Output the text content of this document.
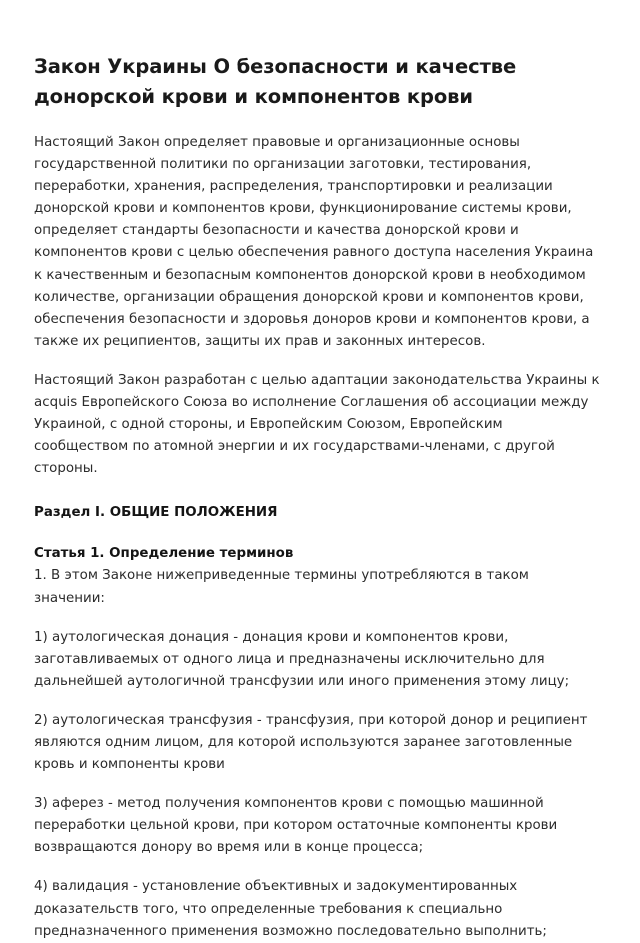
Закон Украины О безопасности и качестве донорской крови и компонентов крови

Настоящий Закон определяет правовые и организационные основы государственной политики по организации заготовки, тестирования, переработки, хранения, распределения, транспортировки и реализации донорской крови и компонентов крови, функционирование системы крови, определяет стандарты безопасности и качества донорской крови и компонентов крови с целью обеспечения равного доступа населения Украина к качественным и безопасным компонентов донорской крови в необходимом количестве, организации обращения донорской крови и компонентов крови, обеспечения безопасности и здоровья доноров крови и компонентов крови, а также их реципиентов, защиты их прав и законных интересов.

Настоящий Закон разработан с целью адаптации законодательства Украины к acquis Европейского Союза во исполнение Соглашения об ассоциации между Украиной, с одной стороны, и Европейским Союзом, Европейским сообществом по атомной энергии и их государствами-членами, с другой стороны.

Раздел I. ОБЩИЕ ПОЛОЖЕНИЯ
Статья 1. Определение терминов

1. В этом Законе нижеприведенные термины употребляются в таком значении:

1) аутологическая донация - донация крови и компонентов крови, заготавливаемых от одного лица и предназначены исключительно для дальнейшей аутологичной трансфузии или иного применения этому лицу;

2) аутологическая трансфузия - трансфузия, при которой донор и реципиент являются одним лицом, для которой используются заранее заготовленные кровь и компоненты крови

3) аферез - метод получения компонентов крови с помощью машинной переработки цельной крови, при котором остаточные компоненты крови возвращаются донору во время или в конце процесса;

4) валидация - установление объективных и задокументированных доказательств того, что определенные требования к специально предназначенного применения возможно последовательно выполнить;
